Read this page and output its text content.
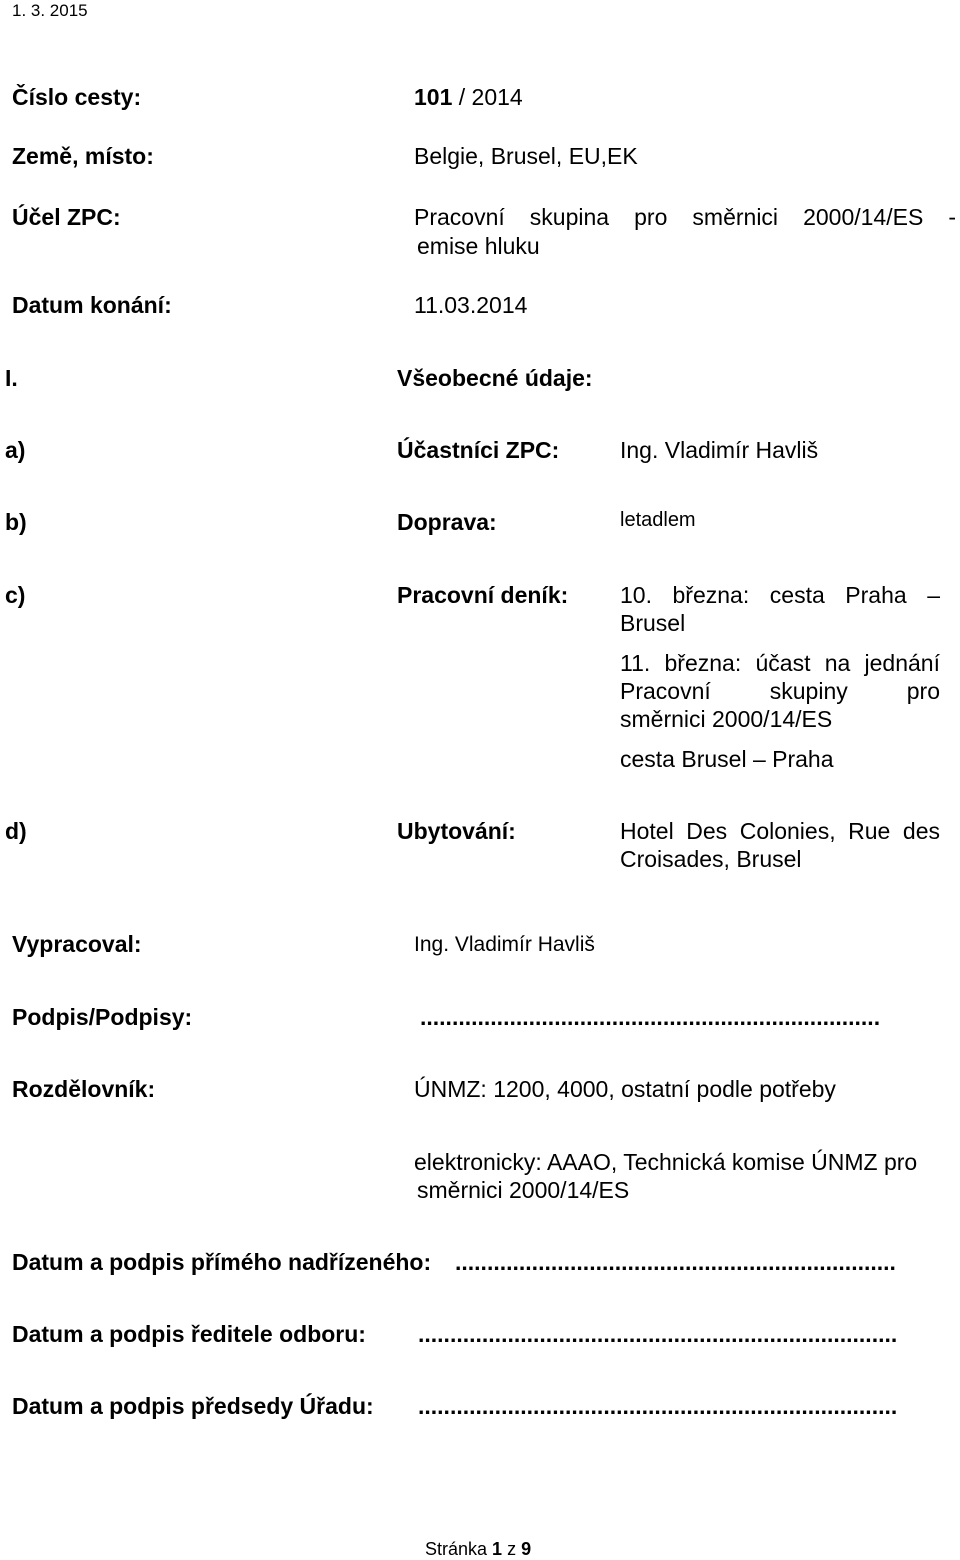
1. 3. 2015
Číslo cesty:	101 / 2014
Země, místo:	Belgie, Brusel, EU,EK
Účel ZPC:	Pracovní skupina pro směrnici 2000/14/ES -
emise hluku
Datum konání:	11.03.2014
I.	Všeobecné údaje:
a)	Účastníci ZPC:	Ing. Vladimír Havliš
b)	Doprava:	letadlem
c)	Pracovní deník: 10. března: cesta Praha –
Brusel
11. března: účast na jednání
Pracovní skupiny pro
směrnici 2000/14/ES
cesta Brusel – Praha
d)	Ubytování:	Hotel Des Colonies, Rue des
Croisades, Brusel
Vypracoval:	Ing. Vladimír Havliš
Podpis/Podpisy:	........................................................................
Rozdělovník:	ÚNMZ: 1200, 4000, ostatní podle potřeby
elektronicky: AAAO, Technická komise ÚNMZ pro
směrnici 2000/14/ES
Datum a podpis přímého nadřízeného: .....................................................................
Datum a podpis ředitele odboru: ...........................................................................
Datum a podpis předsedy Úřadu: ...........................................................................
Stránka 1 z 9
